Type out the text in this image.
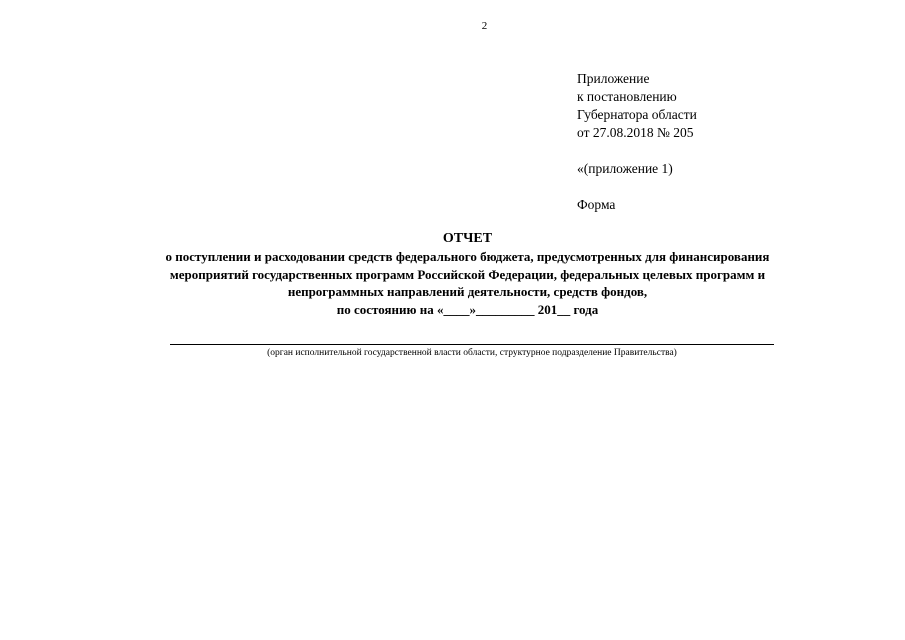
2
Приложение
к постановлению
Губернатора области
от 27.08.2018 № 205
«(приложение 1)
Форма
ОТЧЕТ
о поступлении и расходовании средств федерального бюджета, предусмотренных для финансирования
мероприятий государственных программ Российской Федерации, федеральных целевых программ и
непрограммных направлений деятельности, средств фондов,
по состоянию на «____»_________ 201__ года
(орган исполнительной государственной власти области, структурное подразделение Правительства)
